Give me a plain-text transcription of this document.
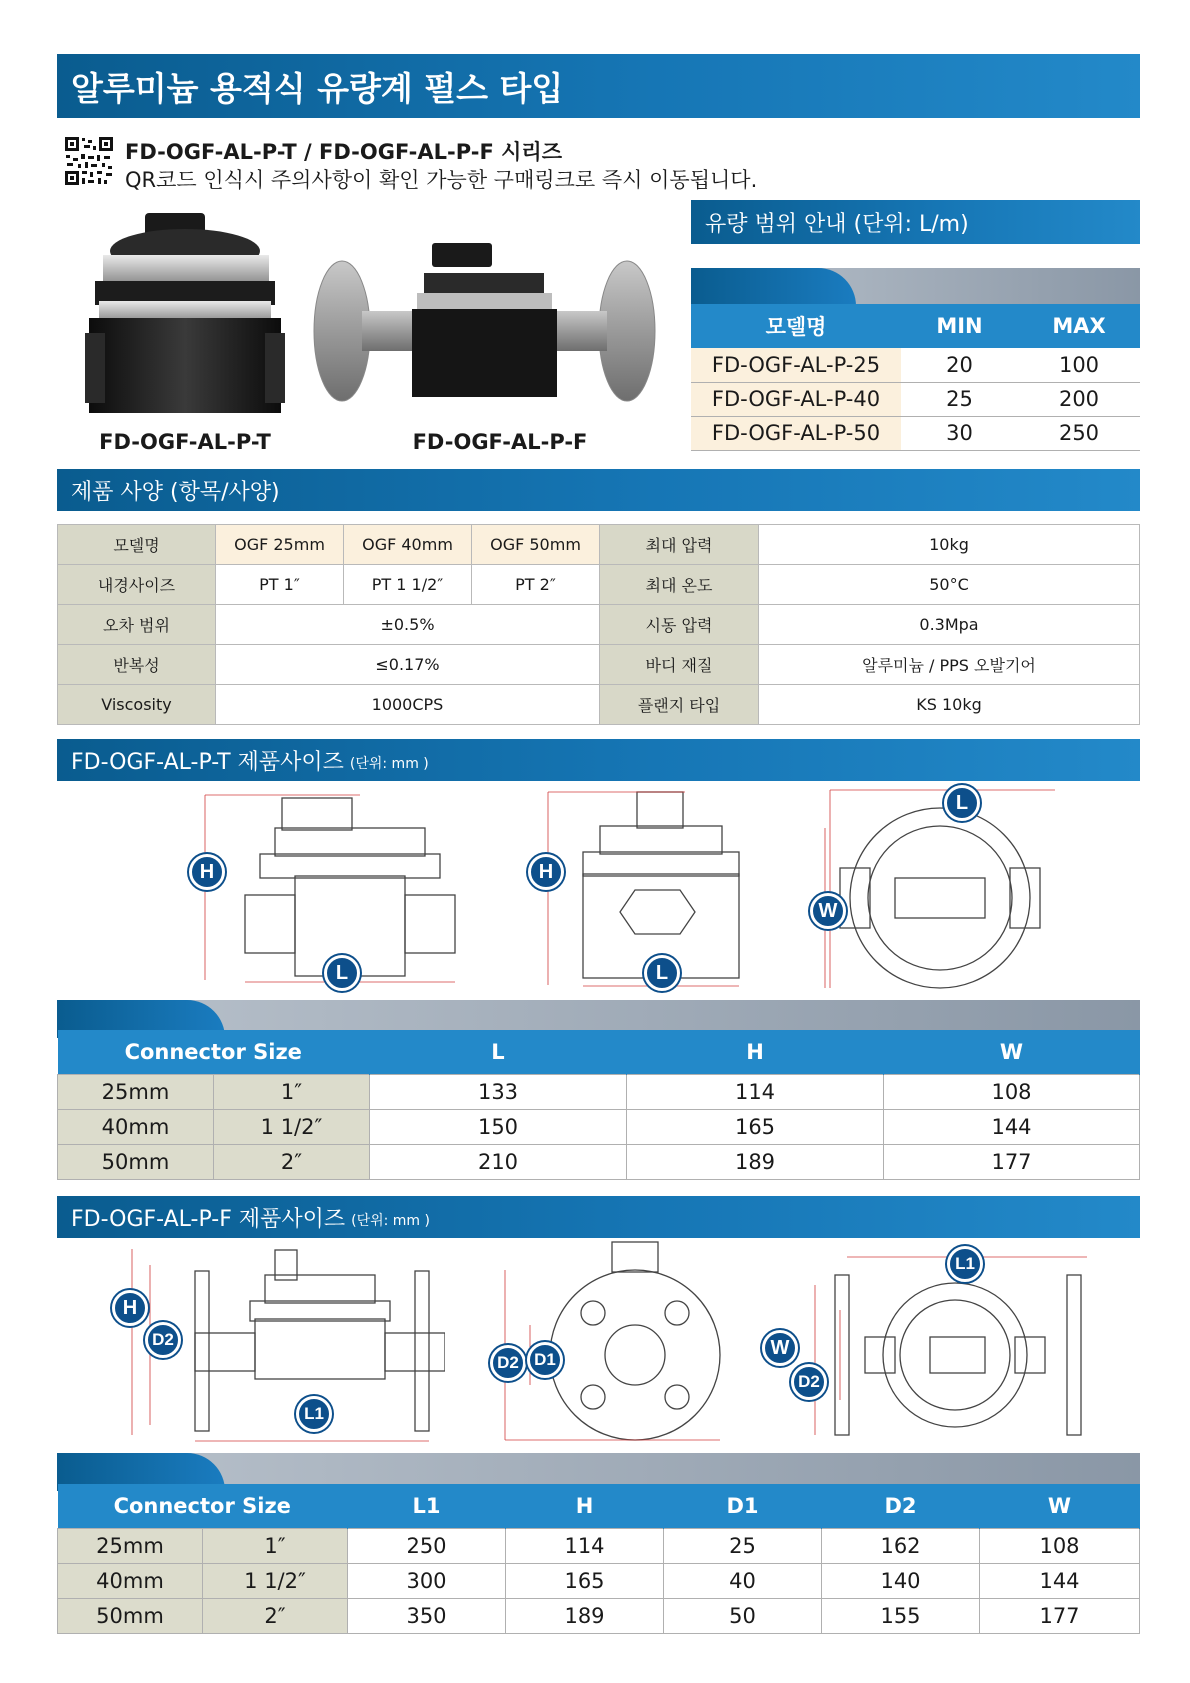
알루미늄 용적식 유량계 펄스 타입
FD-OGF-AL-P-T / FD-OGF-AL-P-F 시리즈
QR코드 인식시 주의사항이 확인 가능한 구매링크로 즉시 이동됩니다.
FD-OGF-AL-P-T	FD-OGF-AL-P-F
유량 범위 안내 (단위: L/m)
모델명	MIN	MAX
FD-OGF-AL-P-25	20	100
FD-OGF-AL-P-40	25	200
FD-OGF-AL-P-50	30	250
제품 사양 (항목/사양)
모델명	OGF 25mm	OGF 40mm	OGF 50mm	최대 압력	10kg
내경사이즈	PT 1″	PT 1 1/2″	PT 2″	최대 온도	50°C
오차 범위	±0.5%			시동 압력	0.3Mpa
반복성	≤0.17%			바디 재질	알루미늄 / PPS 오발기어
Viscosity	1000CPS			플랜지 타입	KS 10kg
FD-OGF-AL-P-T 제품사이즈 (단위: mm )
H
L
H
L
L
W
Connector Size		L	H	W
25mm	1″	133	114	108
40mm	1 1/2″	150	165	144
50mm	2″	210	189	177
FD-OGF-AL-P-F 제품사이즈 (단위: mm )
H
D2
L1
D2 D1
L1
W
D2
Connector Size		L1	H	D1	D2	W
25mm	1″	250	114	25	162	108
40mm	1 1/2″	300	165	40	140	144
50mm	2″	350	189	50	155	177
